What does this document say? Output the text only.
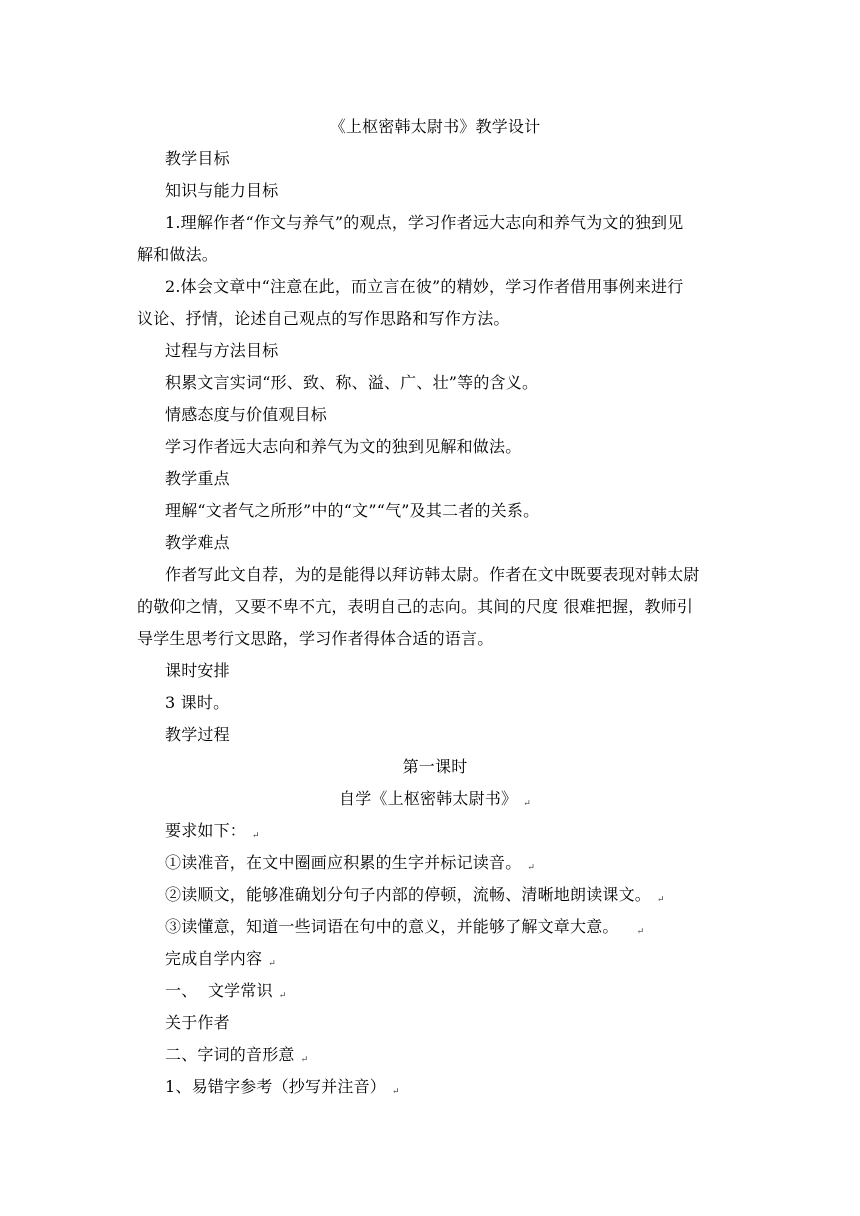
《上枢密韩太尉书》教学设计
教学目标
知识与能力目标
1.理解作者“作文与养气”的观点，学习作者远大志向和养气为文的独到见
解和做法。
2.体会文章中“注意在此，而立言在彼”的精妙，学习作者借用事例来进行
议论、抒情，论述自己观点的写作思路和写作方法。
过程与方法目标
积累文言实词“形、致、称、溢、广、壮”等的含义。
情感态度与价值观目标
学习作者远大志向和养气为文的独到见解和做法。
教学重点
理解“文者气之所形”中的“文”“气”及其二者的关系。
教学难点
作者写此文自荐，为的是能得以拜访韩太尉。作者在文中既要表现对韩太尉
的敬仰之情，又要不卑不亢，表明自己的志向。其间的尺度 很难把握，教师引
导学生思考行文思路，学习作者得体合适的语言。
课时安排
3 课时。
教学过程
第一课时
自学《上枢密韩太尉书》 ↵
要求如下： ↵
①读准音，在文中圈画应积累的生字并标记读音。 ↵
②读顺文，能够准确划分句子内部的停顿，流畅、清晰地朗读课文。 ↵
③读懂意，知道一些词语在句中的意义，并能够了解文章大意。 ↵
完成自学内容 ↵
一、  文学常识 ↵
关于作者
二、字词的音形意 ↵
1、易错字参考（抄写并注音） ↵
